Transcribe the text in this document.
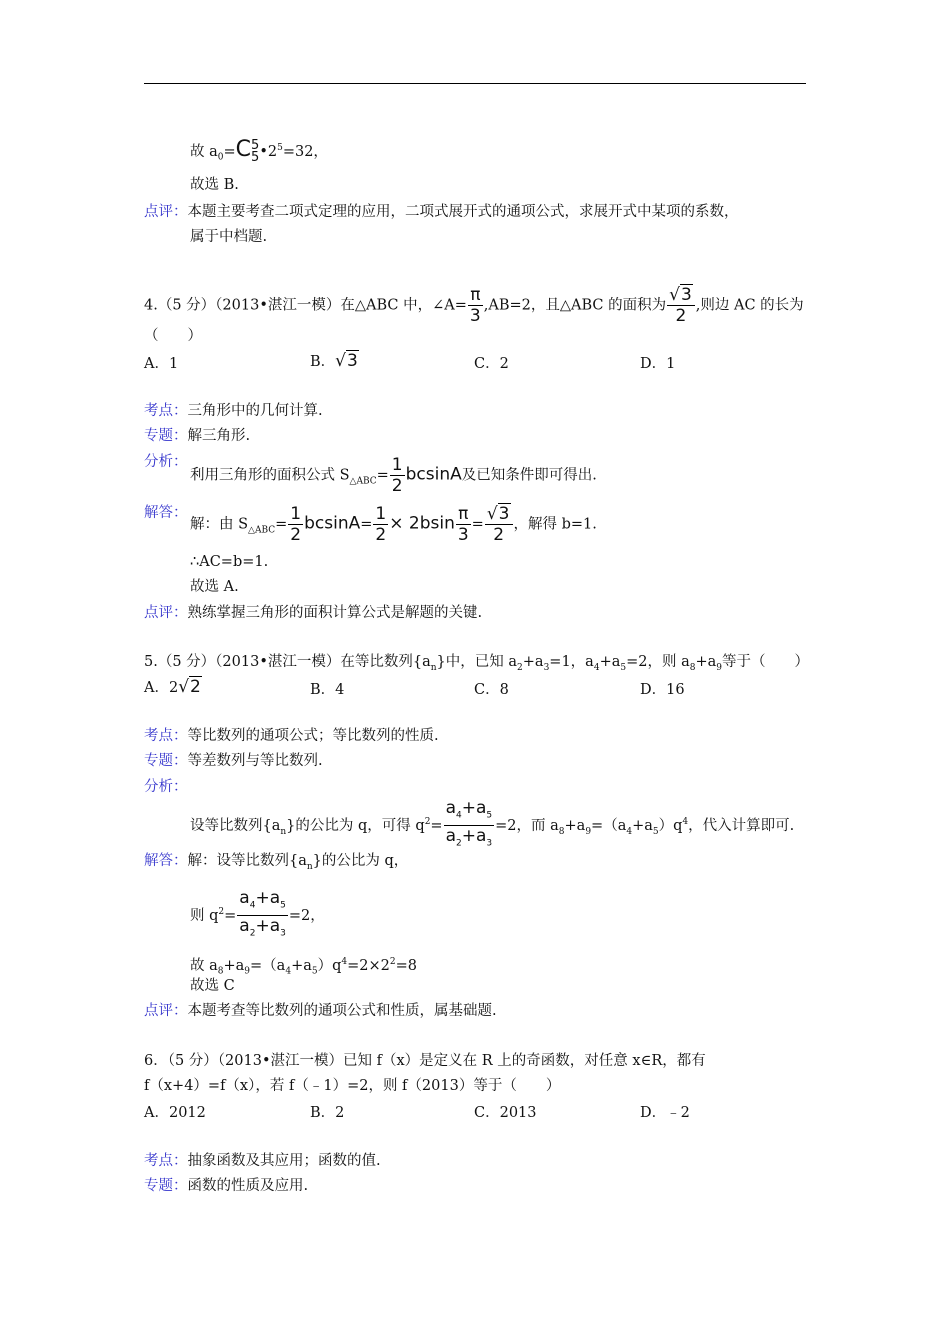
故 $a_0=C$ 5
5 $•2^5=32$，
故选 B.
点评：本题主要考查二项式定理的应用，二项式展开式的通项公式，求展开式中某项的系数，
属于中档题.
4.（5 分）（2013•湛江一模）在△ABC 中，∠A= $\frac{\pi}{3} ,AB=2$，且△ABC 的面积为 $\frac{√3}{2}$ ,则边 AC 的长为
（　　）
A．1	B．√3	C．2	D．1
考点：三角形中的几何计算.
专题：解三角形.
分析：
利用三角形的面积公式 $S_{\triangle ABC}= \frac{1}{2}$ bcsinA及已知条件即可得出.
解答：
解：由 $S_{\triangle ABC}= \frac{1}{2} bcsinA= \frac{1}{2} \times 2bsin \frac{\pi}{3} = \frac{√3}{2}$ ，解得 b=1.
∴AC=b=1.
故选 A.
点评：熟练掌握三角形的面积计算公式是解题的关键.
5.（5 分）（2013•湛江一模）在等比数列$\{a_n\}$中，已知 $a_2+a_3=1$，$a_4+a_5=2$，则 $a_8+a_9$等于（　　）
A．2√2	B．4	C．8	D．16
考点：等比数列的通项公式；等比数列的性质.
专题：等差数列与等比数列.
分析：
设等比数列$\{a_n\}$的公比为 q，可得 $q^2= \frac{a_4+a_5}{a_2+a_3} =2$，而 $a_8+a_9=(a_4+a_5)q^4$，代入计算即可.
解答：解：设等比数列$\{a_n\}$的公比为 q，
则 $q^2= \frac{a_4+a_5}{a_2+a_3} =2$，
故 $a_8+a_9=(a_4+a_5)q^4=2\times 2^2=8$
故选 C
点评：本题考查等比数列的通项公式和性质，属基础题.
6．（5 分）（2013•湛江一模）已知 f（x）是定义在 R 上的奇函数，对任意 x∈R，都有
f（x+4）=f（x），若 f（﹣1）=2，则 f（2013）等于（　　）
A．2012	B．2	C．2013	D．﹣2
考点：抽象函数及其应用；函数的值.
专题：函数的性质及应用.
